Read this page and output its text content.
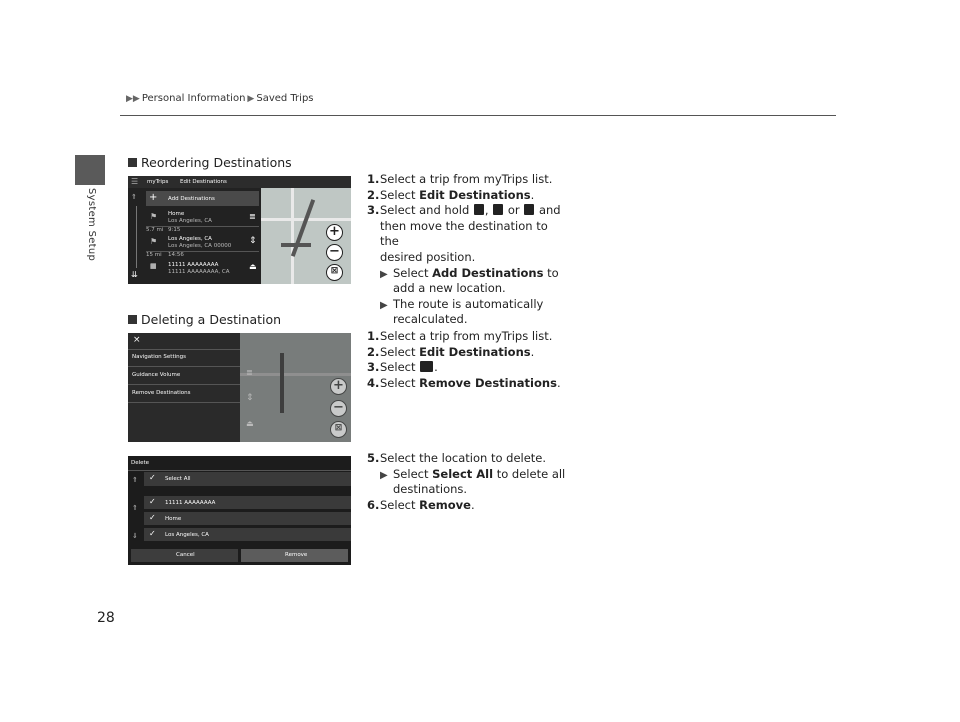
▶▶ Personal Information ▶ Saved Trips
System Setup
Reordering Destinations
☰ myTrips Edit Destinations
+ Add Destinations
⇑
⇊
⚑ Home
Los Angeles, CA	≣
5.7 mi 9:15
⚑ Los Angeles, CA
Los Angeles, CA 00000 ⇕
15 mi 14:56
▦ 11111 AAAAAAAA
11111 AAAAAAAA, CA
⏏
+
−
⊠
1. Select a trip from myTrips list.
2. Select Edit Destinations.
3. Select and hold , or and
then move the destination to the
desired position.
▶ Select Add Destinations to
add a new location.
▶ The route is automatically
recalculated.
Deleting a Destination
×
Navigation Settings
Guidance Volume
Remove Destinations
≣
⇕
⏏
+
−
⊠
1. Select a trip from myTrips list.
2. Select Edit Destinations.
3. Select .
4. Select Remove Destinations.
Delete
⇑
⇑
⇓
✓ Select All
✓ 11111 AAAAAAAA
✓ Home
✓ Los Angeles, CA
Cancel	Remove
5. Select the location to delete.
▶ Select Select All to delete all
destinations.
6. Select Remove.
28
